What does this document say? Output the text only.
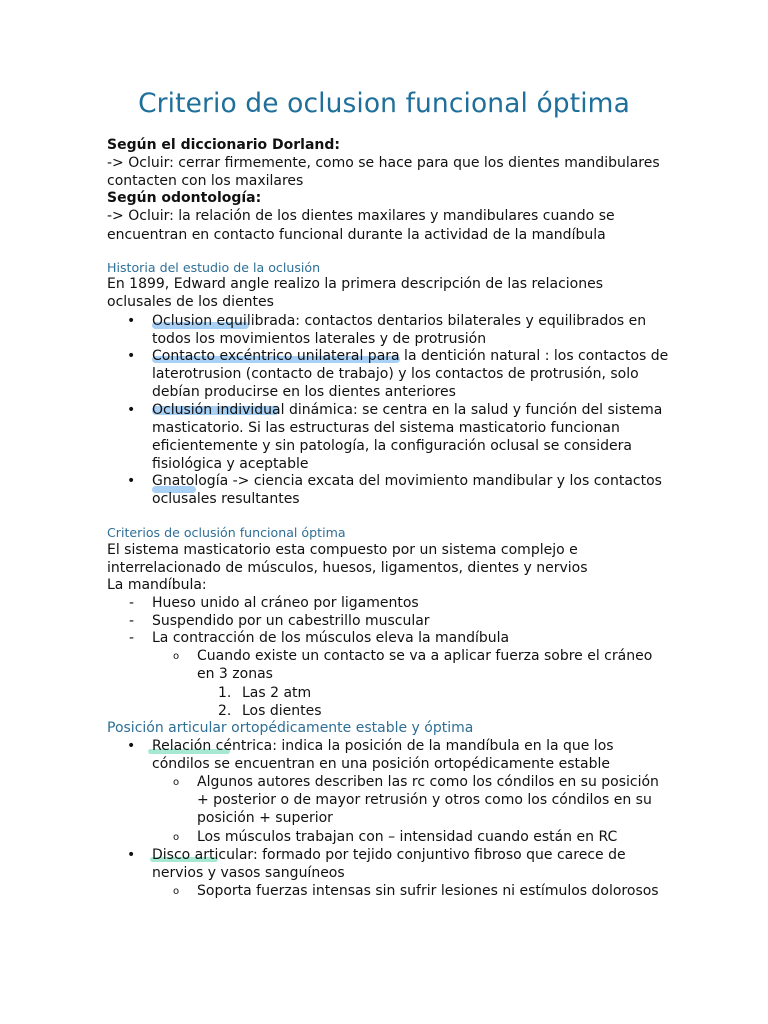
Criterio de oclusion funcional óptima
Según el diccionario Dorland:
-> Ocluir: cerrar firmemente, como se hace para que los dientes mandibulares
contacten con los maxilares
Según odontología:
-> Ocluir: la relación de los dientes maxilares y mandibulares cuando se
encuentran en contacto funcional durante la actividad de la mandíbula
Historia del estudio de la oclusión
En 1899, Edward angle realizo la primera descripción de las relaciones
oclusales de los dientes
• Oclusion equilibrada: contactos dentarios bilaterales y equilibrados en
todos los movimientos laterales y de protrusión
• Contacto excéntrico unilateral para la dentición natural : los contactos de
laterotrusion (contacto de trabajo) y los contactos de protrusión, solo
debían producirse en los dientes anteriores
• Oclusión individual dinámica: se centra en la salud y función del sistema
masticatorio. Si las estructuras del sistema masticatorio funcionan
eficientemente y sin patología, la configuración oclusal se considera
fisiológica y aceptable
• Gnatología -> ciencia excata del movimiento mandibular y los contactos
oclusales resultantes
Criterios de oclusión funcional óptima
El sistema masticatorio esta compuesto por un sistema complejo e
interrelacionado de músculos, huesos, ligamentos, dientes y nervios
La mandíbula:
- Hueso unido al cráneo por ligamentos
- Suspendido por un cabestrillo muscular
- La contracción de los músculos eleva la mandíbula
o Cuando existe un contacto se va a aplicar fuerza sobre el cráneo
en 3 zonas
1. Las 2 atm
2. Los dientes
Posición articular ortopédicamente estable y óptima
• Relación céntrica: indica la posición de la mandíbula en la que los
cóndilos se encuentran en una posición ortopédicamente estable
o Algunos autores describen las rc como los cóndilos en su posición
+ posterior o de mayor retrusión y otros como los cóndilos en su
posición + superior
o Los músculos trabajan con – intensidad cuando están en RC
• Disco articular: formado por tejido conjuntivo fibroso que carece de
nervios y vasos sanguíneos
o Soporta fuerzas intensas sin sufrir lesiones ni estímulos dolorosos
